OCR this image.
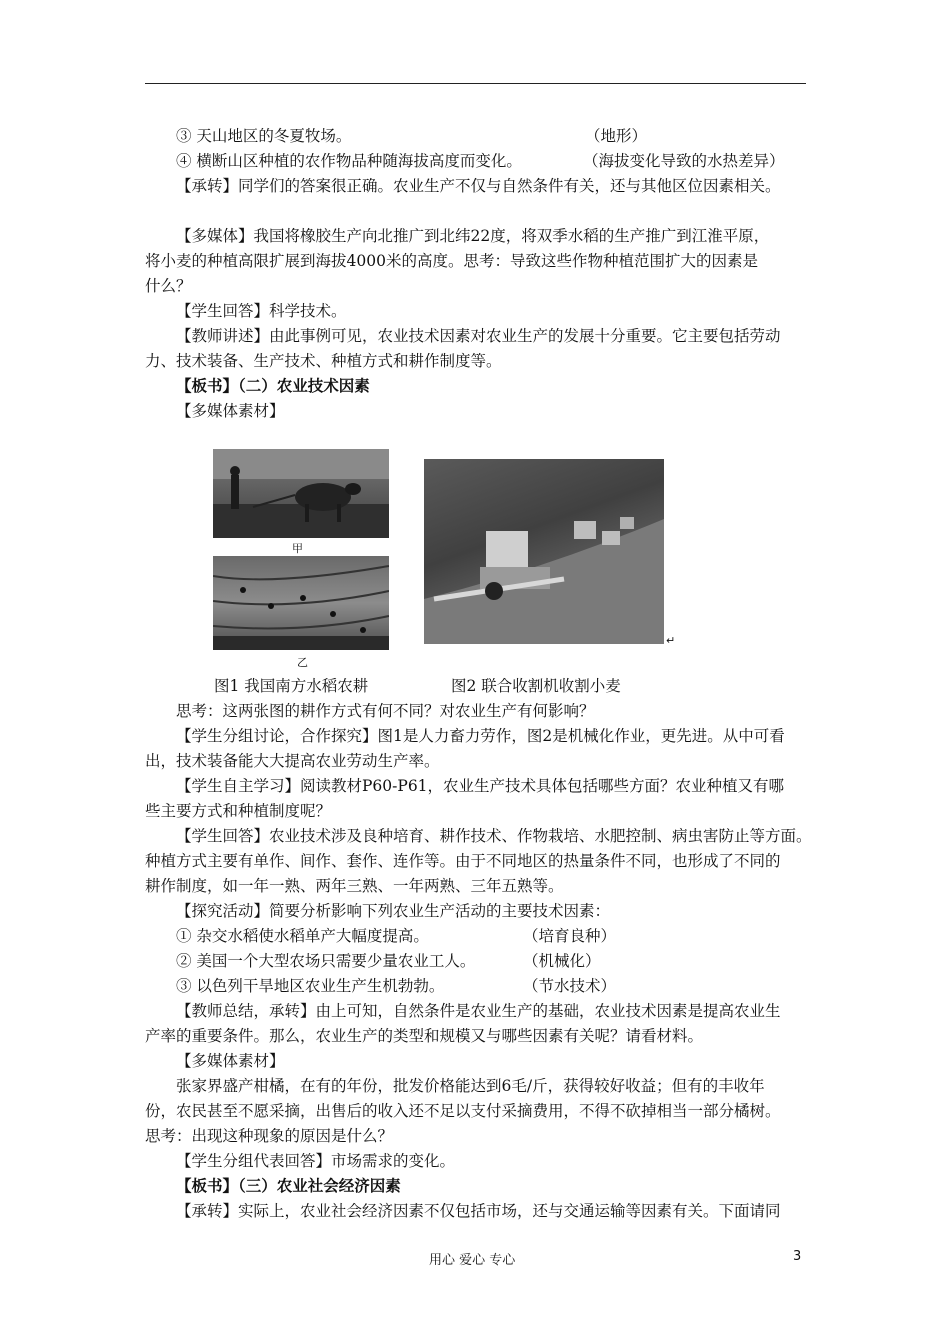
③ 天山地区的冬夏牧场。	（地形）
④ 横断山区种植的农作物品种随海拔高度而变化。	（海拔变化导致的水热差异）
【承转】同学们的答案很正确。农业生产不仅与自然条件有关，还与其他区位因素相关。
【多媒体】我国将橡胶生产向北推广到北纬22度，将双季水稻的生产推广到江淮平原，
将小麦的种植高限扩展到海拔4000米的高度。思考：导致这些作物种植范围扩大的因素是
什么？
【学生回答】科学技术。
【教师讲述】由此事例可见，农业技术因素对农业生产的发展十分重要。它主要包括劳动
力、技术装备、生产技术、种植方式和耕作制度等。
【板书】（二）农业技术因素
【多媒体素材】
甲
乙
↵
图1 我国南方水稻农耕	图2 联合收割机收割小麦
思考：这两张图的耕作方式有何不同？对农业生产有何影响？
【学生分组讨论，合作探究】图1是人力畜力劳作，图2是机械化作业，更先进。从中可看
出，技术装备能大大提高农业劳动生产率。
【学生自主学习】阅读教材P60-P61，农业生产技术具体包括哪些方面？农业种植又有哪
些主要方式和种植制度呢？
【学生回答】农业技术涉及良种培育、耕作技术、作物栽培、水肥控制、病虫害防止等方面。
种植方式主要有单作、间作、套作、连作等。由于不同地区的热量条件不同，也形成了不同的
耕作制度，如一年一熟、两年三熟、一年两熟、三年五熟等。
【探究活动】简要分析影响下列农业生产活动的主要技术因素：
① 杂交水稻使水稻单产大幅度提高。	（培育良种）
② 美国一个大型农场只需要少量农业工人。	（机械化）
③ 以色列干旱地区农业生产生机勃勃。	（节水技术）
【教师总结，承转】由上可知，自然条件是农业生产的基础，农业技术因素是提高农业生
产率的重要条件。那么，农业生产的类型和规模又与哪些因素有关呢？请看材料。
【多媒体素材】
张家界盛产柑橘，在有的年份，批发价格能达到6毛/斤，获得较好收益；但有的丰收年
份，农民甚至不愿采摘，出售后的收入还不足以支付采摘费用，不得不砍掉相当一部分橘树。
思考：出现这种现象的原因是什么？
【学生分组代表回答】市场需求的变化。
【板书】（三）农业社会经济因素
【承转】实际上，农业社会经济因素不仅包括市场，还与交通运输等因素有关。下面请同
用心 爱心 专心	3
